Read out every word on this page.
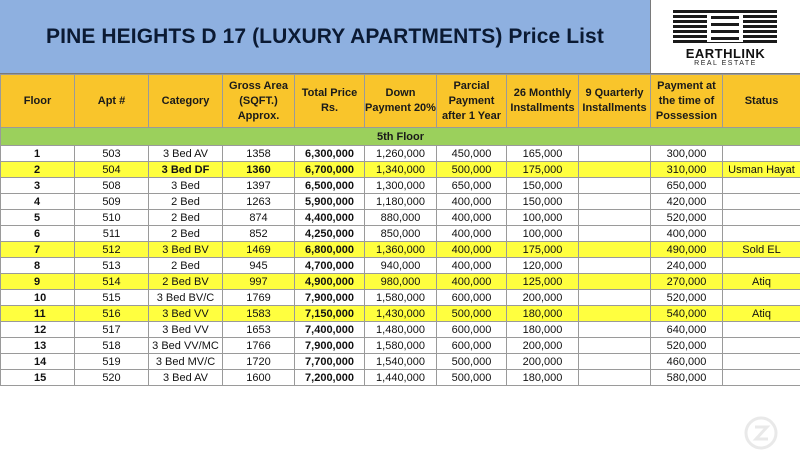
PINE HEIGHTS D 17 (LUXURY APARTMENTS) Price List
EARTHLINK
REAL ESTATE
Floor	Apt #	Category	Gross Area (SQFT.) Approx.	Total Price Rs.	Down Payment 20%	Parcial Payment after 1 Year	26 Monthly Installments	9 Quarterly Installments	Payment at the time of Possession	Status
5th Floor										
1	503	3 Bed AV	1358	6,300,000	1,260,000	450,000	165,000		300,000	
2	504	3 Bed DF	1360	6,700,000	1,340,000	500,000	175,000		310,000	Usman Hayat
3	508	3 Bed	1397	6,500,000	1,300,000	650,000	150,000		650,000	
4	509	2 Bed	1263	5,900,000	1,180,000	400,000	150,000		420,000	
5	510	2 Bed	874	4,400,000	880,000	400,000	100,000		520,000	
6	511	2 Bed	852	4,250,000	850,000	400,000	100,000		400,000	
7	512	3 Bed BV	1469	6,800,000	1,360,000	400,000	175,000		490,000	Sold EL
8	513	2 Bed	945	4,700,000	940,000	400,000	120,000		240,000	
9	514	2 Bed BV	997	4,900,000	980,000	400,000	125,000		270,000	Atiq
10	515	3 Bed BV/C	1769	7,900,000	1,580,000	600,000	200,000		520,000	
11	516	3 Bed VV	1583	7,150,000	1,430,000	500,000	180,000		540,000	Atiq
12	517	3 Bed VV	1653	7,400,000	1,480,000	600,000	180,000		640,000	
13	518	3 Bed VV/MC	1766	7,900,000	1,580,000	600,000	200,000		520,000	
14	519	3 Bed MV/C	1720	7,700,000	1,540,000	500,000	200,000		460,000	
15	520	3 Bed AV	1600	7,200,000	1,440,000	500,000	180,000		580,000	
